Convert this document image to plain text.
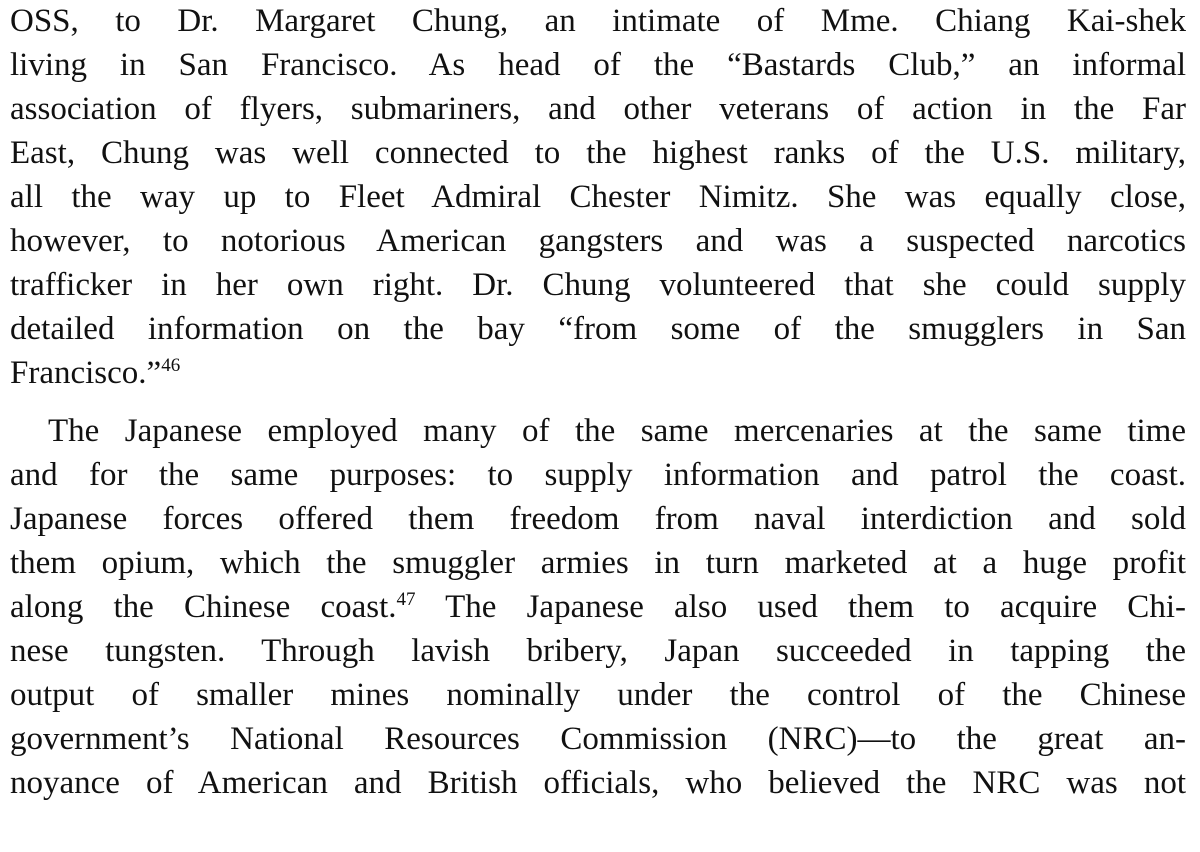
OSS, to Dr. Margaret Chung, an intimate of Mme. Chiang Kai-shek
living in San Francisco. As head of the “Bastards Club,” an informal
association of flyers, submariners, and other veterans of action in the Far
East, Chung was well connected to the highest ranks of the U.S. military,
all the way up to Fleet Admiral Chester Nimitz. She was equally close,
however, to notorious American gangsters and was a suspected narcotics
trafficker in her own right. Dr. Chung volunteered that she could supply
detailed information on the bay “from some of the smugglers in San
Francisco.”$^{46}$
The Japanese employed many of the same mercenaries at the same time
and for the same purposes: to supply information and patrol the coast.
Japanese forces offered them freedom from naval interdiction and sold
them opium, which the smuggler armies in turn marketed at a huge profit
along the Chinese coast.$^{47}$ The Japanese also used them to acquire Chi-
nese tungsten. Through lavish bribery, Japan succeeded in tapping the
output of smaller mines nominally under the control of the Chinese
government’s National Resources Commission (NRC)—to the great an-
noyance of American and British officials, who believed the NRC was not
